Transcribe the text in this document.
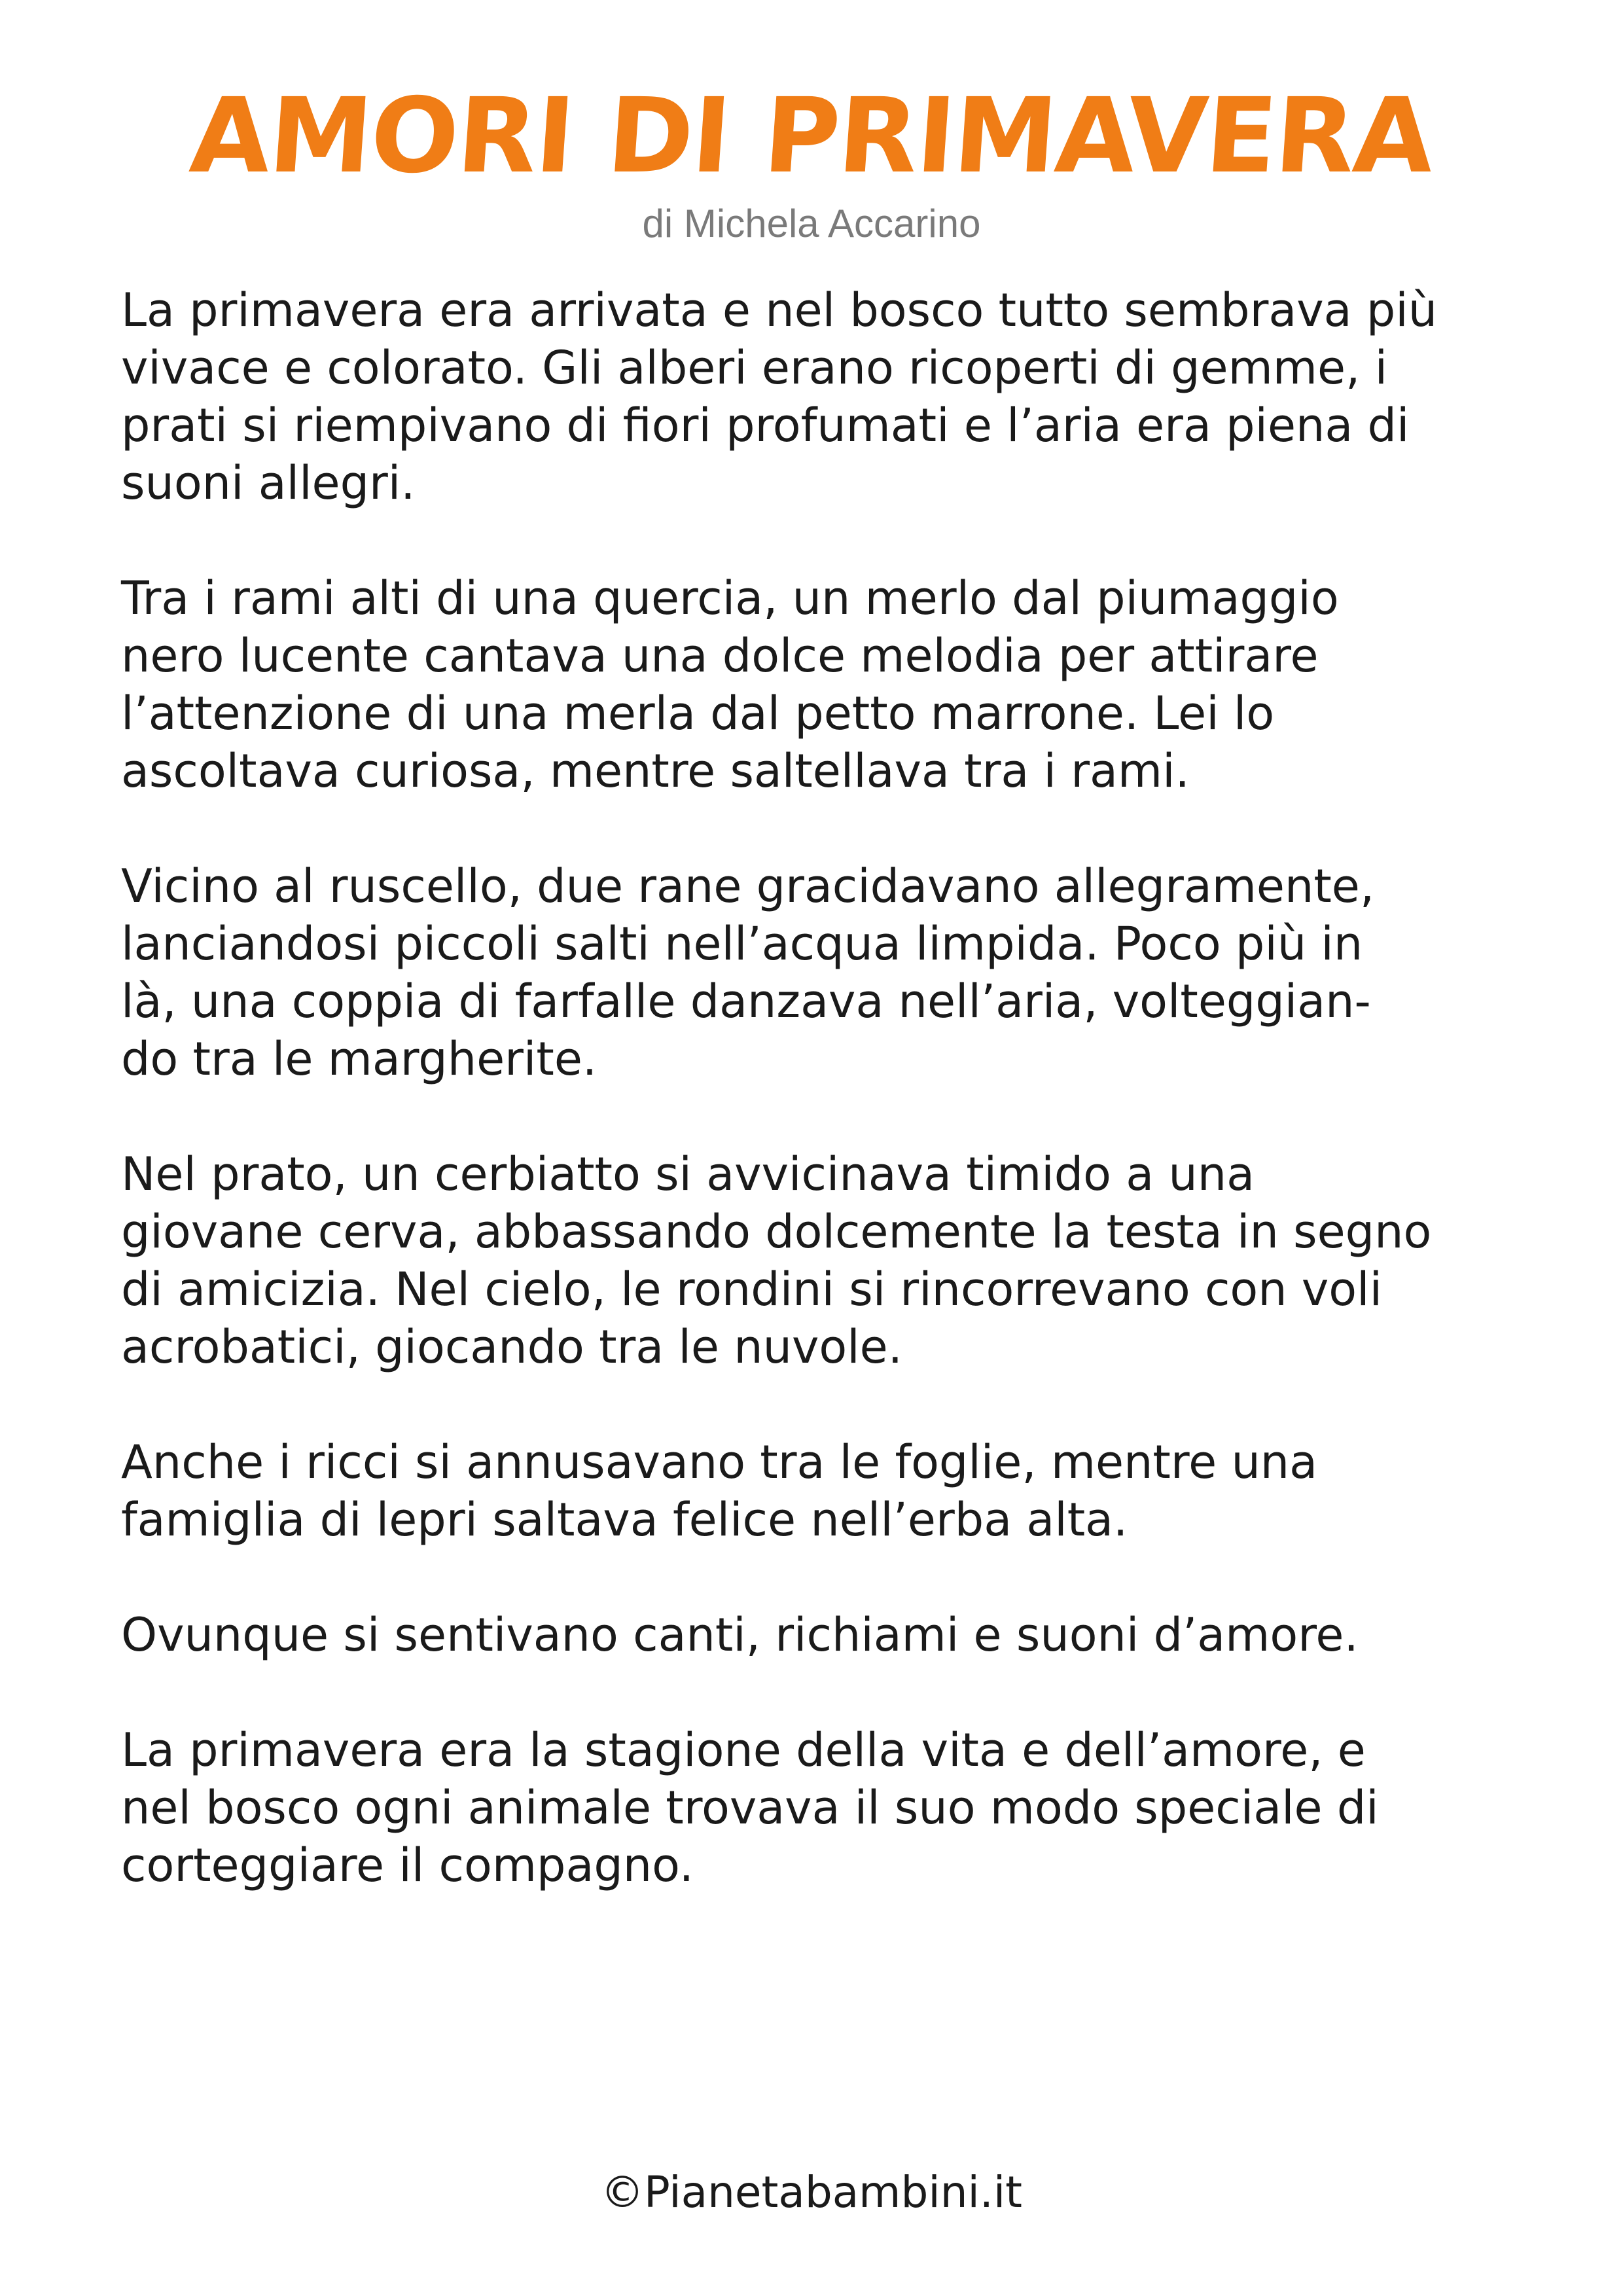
AMORI DI PRIMAVERA
di Michela Accarino

La primavera era arrivata e nel bosco tutto sembrava più
vivace e colorato. Gli alberi erano ricoperti di gemme, i
prati si riempivano di fiori profumati e l’aria era piena di
suoni allegri.

Tra i rami alti di una quercia, un merlo dal piumaggio
nero lucente cantava una dolce melodia per attirare
l’attenzione di una merla dal petto marrone. Lei lo
ascoltava curiosa, mentre saltellava tra i rami.

Vicino al ruscello, due rane gracidavano allegramente,
lanciandosi piccoli salti nell’acqua limpida. Poco più in
là, una coppia di farfalle danzava nell’aria, volteggian-
do tra le margherite.

Nel prato, un cerbiatto si avvicinava timido a una
giovane cerva, abbassando dolcemente la testa in segno
di amicizia. Nel cielo, le rondini si rincorrevano con voli
acrobatici, giocando tra le nuvole.

Anche i ricci si annusavano tra le foglie, mentre una
famiglia di lepri saltava felice nell’erba alta.

Ovunque si sentivano canti, richiami e suoni d’amore.

La primavera era la stagione della vita e dell’amore, e
nel bosco ogni animale trovava il suo modo speciale di
corteggiare il compagno.

©Pianetabambini.it
